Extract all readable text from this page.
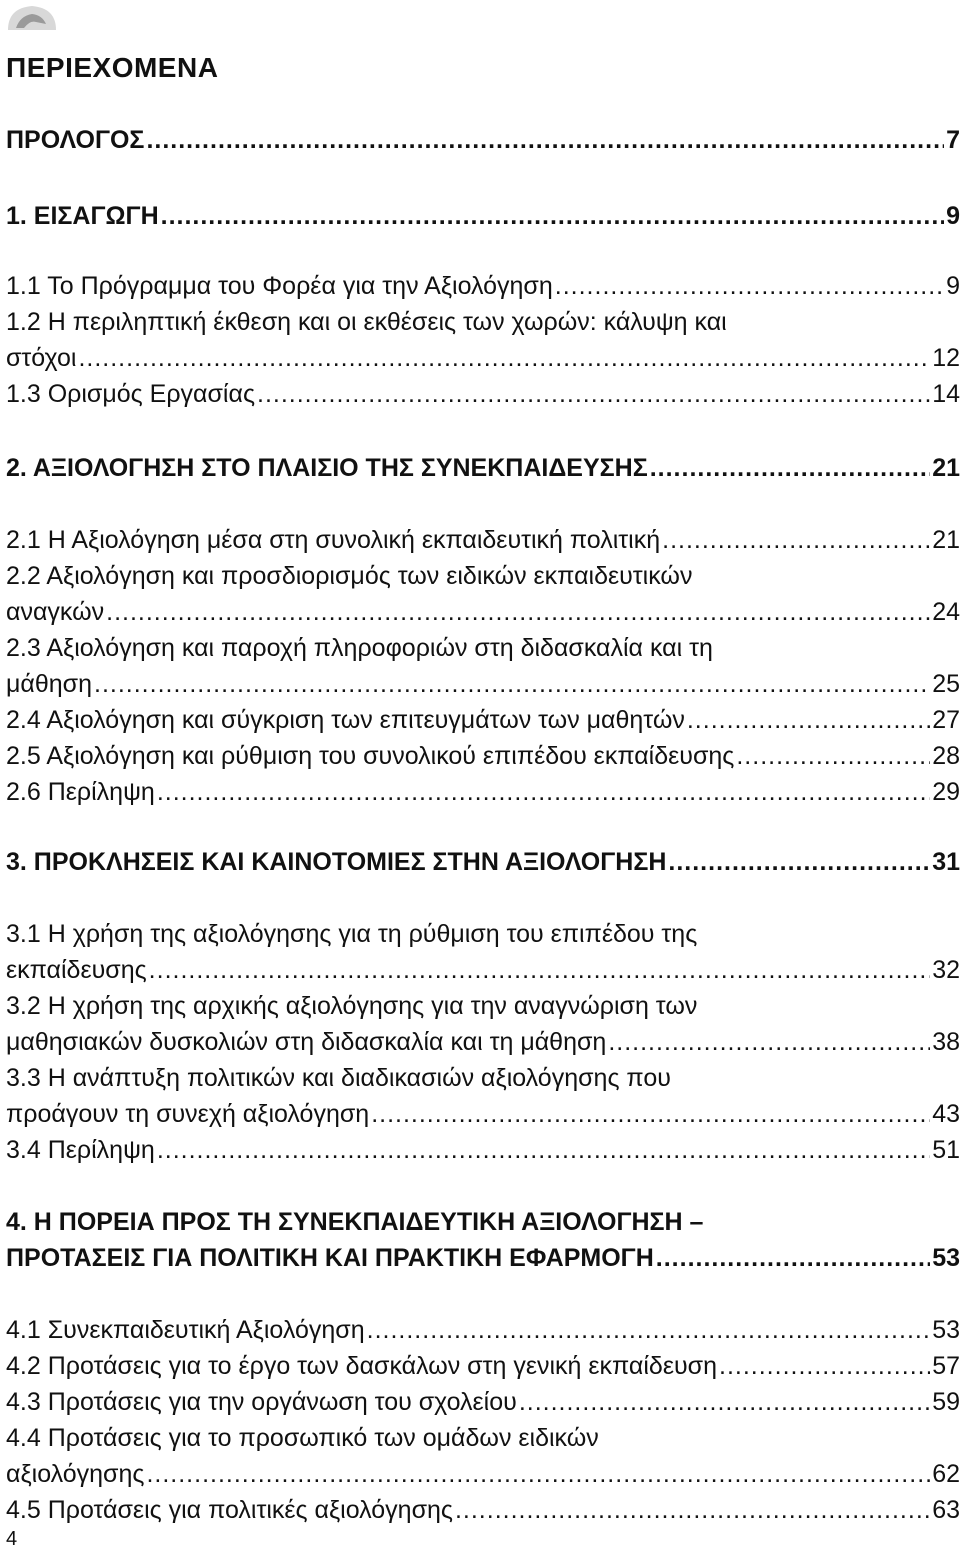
ΠΕΡΙΕΧΟΜΕΝΑ
ΠΡΟΛΟΓΟΣ .....	7
1. ΕΙΣΑΓΩΓΗ .....	9
1.1 Το Πρόγραμμα του Φορέα για την Αξιολόγηση .....	9
1.2 Η περιληπτική έκθεση και οι εκθέσεις των χωρών: κάλυψη και
στόχοι .....	12
1.3 Ορισμός Εργασίας .....	14
2. ΑΞΙΟΛΟΓΗΣΗ ΣΤΟ ΠΛΑΙΣΙΟ ΤΗΣ ΣΥΝΕΚΠΑΙΔΕΥΣΗΣ .....	21
2.1 Η Αξιολόγηση μέσα στη συνολική εκπαιδευτική πολιτική .....	21
2.2 Αξιολόγηση και προσδιορισμός των ειδικών εκπαιδευτικών
αναγκών .....	24
2.3 Αξιολόγηση και παροχή πληροφοριών στη διδασκαλία και τη
μάθηση .....	25
2.4 Αξιολόγηση και σύγκριση των επιτευγμάτων των μαθητών .....	27
2.5 Αξιολόγηση και ρύθμιση του συνολικού επιπέδου εκπαίδευσης .....	28
2.6 Περίληψη .....	29
3. ΠΡΟΚΛΗΣΕΙΣ ΚΑΙ ΚΑΙΝΟΤΟΜΙΕΣ ΣΤΗΝ ΑΞΙΟΛΟΓΗΣΗ .....	31
3.1 Η χρήση της αξιολόγησης για τη ρύθμιση του επιπέδου της
εκπαίδευσης .....	32
3.2 Η χρήση της αρχικής αξιολόγησης για την αναγνώριση των
μαθησιακών δυσκολιών στη διδασκαλία και τη μάθηση .....	38
3.3 Η ανάπτυξη πολιτικών και διαδικασιών αξιολόγησης που
προάγουν τη συνεχή αξιολόγηση .....	43
3.4 Περίληψη .....	51
4. Η ΠΟΡΕΙΑ ΠΡΟΣ ΤΗ ΣΥΝΕΚΠΑΙΔΕΥΤΙΚΗ ΑΞΙΟΛΟΓΗΣΗ –
ΠΡΟΤΑΣΕΙΣ ΓΙΑ ΠΟΛΙΤΙΚΗ ΚΑΙ ΠΡΑΚΤΙΚΗ ΕΦΑΡΜΟΓΗ .....	53
4.1 Συνεκπαιδευτική Αξιολόγηση .....	53
4.2 Προτάσεις για το έργο των δασκάλων στη γενική εκπαίδευση .....	57
4.3 Προτάσεις για την οργάνωση του σχολείου .....	59
4.4 Προτάσεις για το προσωπικό των ομάδων ειδικών
αξιολόγησης .....	62
4.5 Προτάσεις για πολιτικές αξιολόγησης .....	63
4
